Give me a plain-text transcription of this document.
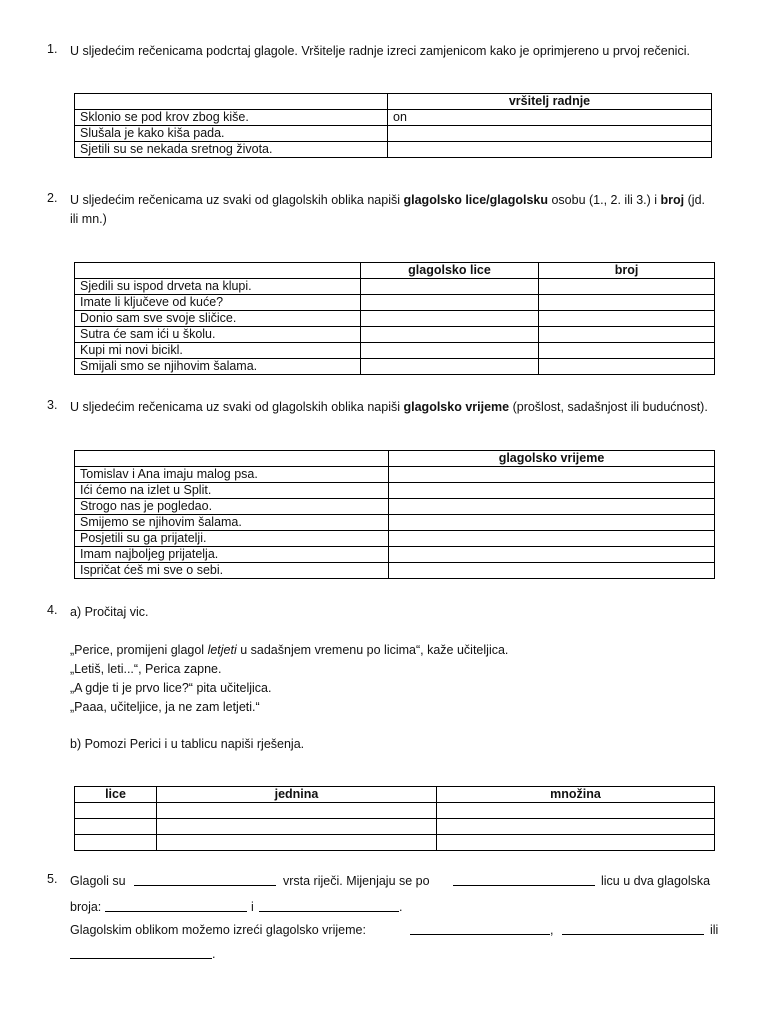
1. U sljedećim rečenicama podcrtaj glagole. Vršitelje radnje izreci zamjenicom kako je oprimjereno u prvoj rečenici.
	vršitelj radnje
Sklonio se pod krov zbog kiše.	on
Slušala je kako kiša pada.	
Sjetili su se nekada sretnog života.	
2. U sljedećim rečenicama uz svaki od glagolskih oblika napiši glagolsko lice/glagolsku osobu (1., 2. ili 3.) i broj (jd.
ili mn.)
	glagolsko lice	broj
Sjedili su ispod drveta na klupi.		
Imate li ključeve od kuće?		
Donio sam sve svoje sličice.		
Sutra će sam ići u školu.		
Kupi mi novi bicikl.		
Smijali smo se njihovim šalama.		
3. U sljedećim rečenicama uz svaki od glagolskih oblika napiši glagolsko vrijeme (prošlost, sadašnjost ili budućnost).
	glagolsko vrijeme
Tomislav i Ana imaju malog psa.	
Ići ćemo na izlet u Split.	
Strogo nas je pogledao.	
Smijemo se njihovim šalama.	
Posjetili su ga prijatelji.	
Imam najboljeg prijatelja.	
Ispričat ćeš mi sve o sebi.	
4. a) Pročitaj vic.
„Perice, promijeni glagol letjeti u sadašnjem vremenu po licima“, kaže učiteljica.
„Letiš, leti...“, Perica zapne.
„A gdje ti je prvo lice?“ pita učiteljica.
„Paaa, učiteljice, ja ne zam letjeti.“
b) Pomozi Perici i u tablicu napiši rješenja.
lice	jednina	množina

5. Glagoli su	vrsta riječi. Mijenjaju se po	licu u dva glagolska
broja:	i	.
Glagolskim oblikom možemo izreći glagolsko vrijeme:	,	ili
.
